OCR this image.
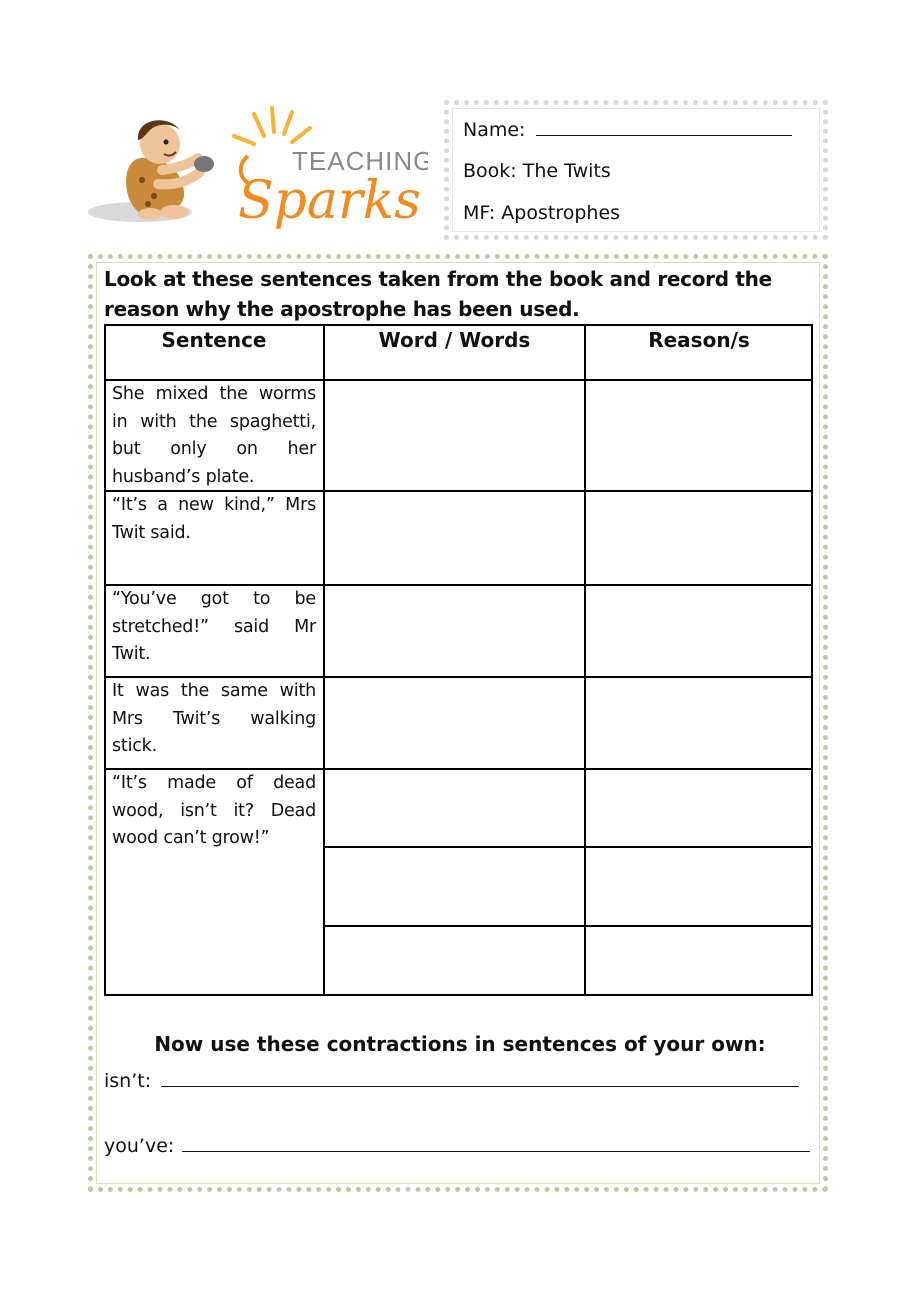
TEACHING
Sparks
Name:
Book: The Twits
MF: Apostrophes
Look at these sentences taken from the book and record the reason why the apostrophe has been used.
Sentence	Word / Words	Reason/s
She mixed the worms in with the spaghetti, but only on her husband’s plate.
“It’s a new kind,” Mrs Twit said.
“You’ve got to be stretched!” said Mr Twit.
It was the same with Mrs Twit’s walking stick.
“It’s made of dead wood, isn’t it? Dead wood can’t grow!”
Now use these contractions in sentences of your own:
isn’t:
you’ve:
